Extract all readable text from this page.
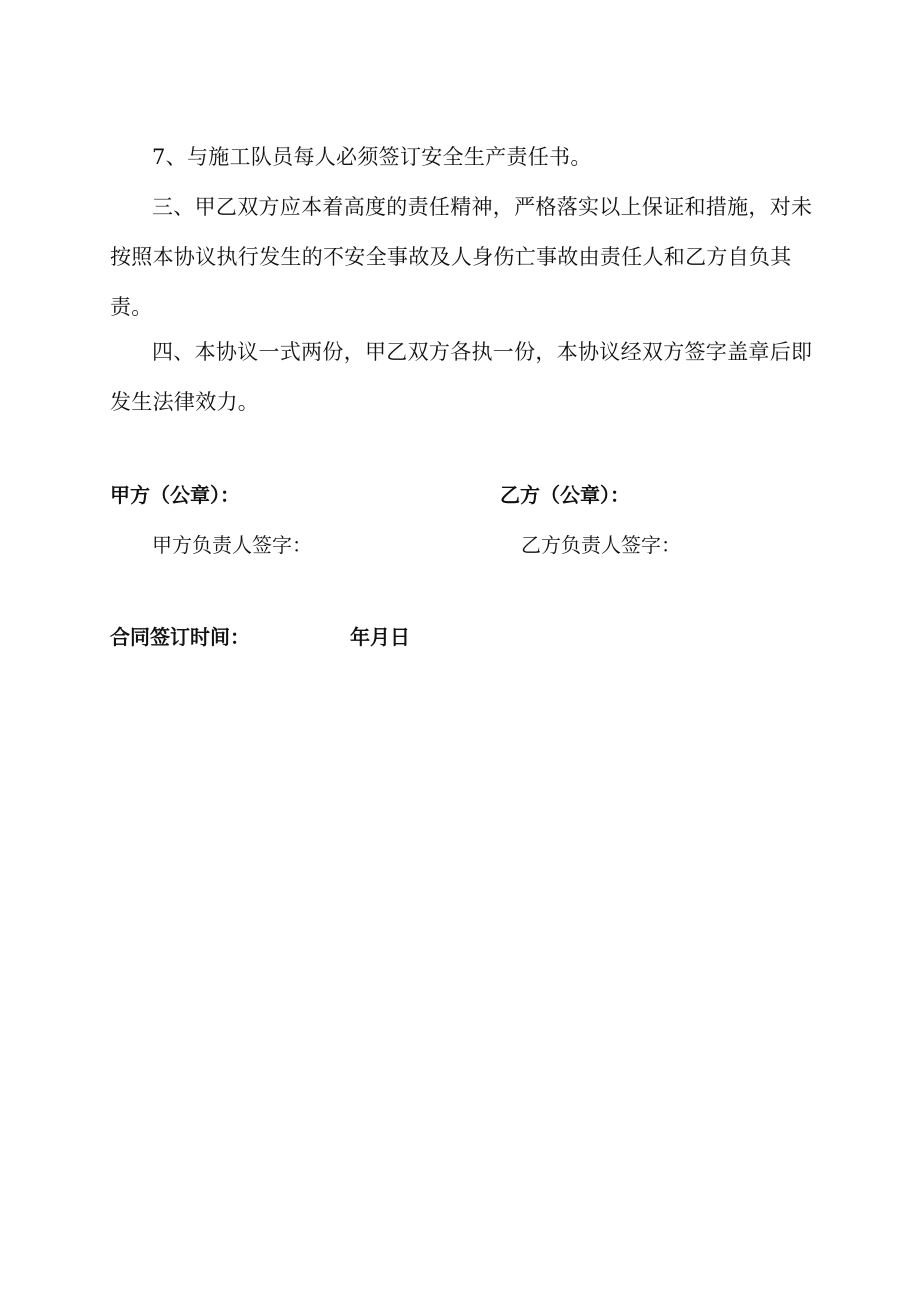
7、与施工队员每人必须签订安全生产责任书。

三、甲乙双方应本着高度的责任精神，严格落实以上保证和措施，对未按照本协议执行发生的不安全事故及人身伤亡事故由责任人和乙方自负其责。

四、本协议一式两份，甲乙双方各执一份，本协议经双方签字盖章后即发生法律效力。

甲方（公章）：	乙方（公章）：
甲方负责人签字：	乙方负责人签字：
合同签订时间：	年月日
